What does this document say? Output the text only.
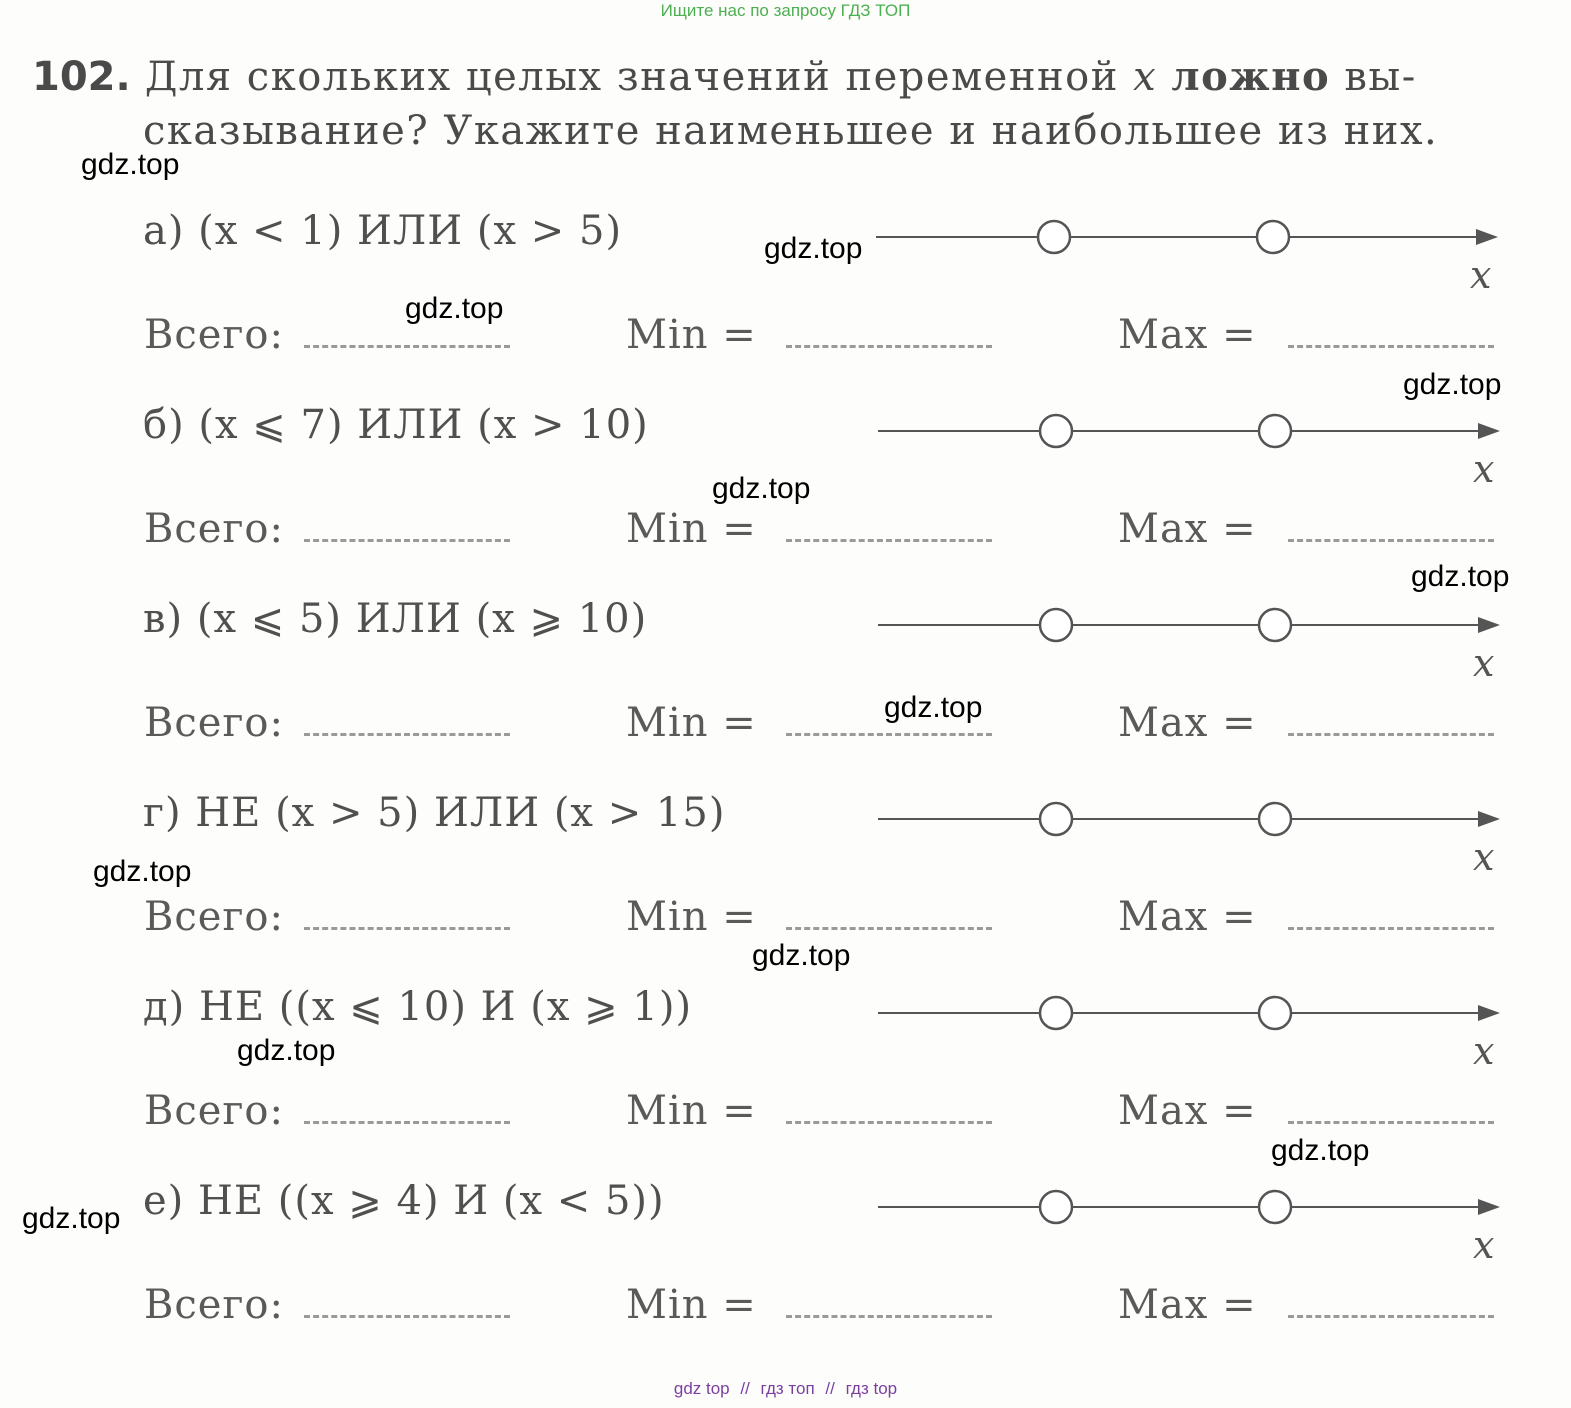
Ищите нас по запросу ГДЗ ТОП
102. Для скольких целых значений переменной x ложно вы-
сказывание? Укажите наименьшее и наибольшее из них.
а) (x < 1) ИЛИ (x > 5)
x
Всего:	Min =	Max =
б) (x ⩽ 7) ИЛИ (x > 10)
x
Всего:	Min =	Max =
в) (x ⩽ 5) ИЛИ (x ⩾ 10)
x
Всего:	Min =	Max =
г) НЕ (x > 5) ИЛИ (x > 15)
x
Всего:	Min =	Max =
д) НЕ ((x ⩽ 10) И (x ⩾ 1))
x
Всего:	Min =	Max =
е) НЕ ((x ⩾ 4) И (x < 5))
x
Всего:	Min =	Max =
gdz.top
gdz.top
gdz.top
gdz.top
gdz.top
gdz.top
gdz.top
gdz.top
gdz.top
gdz.top
gdz.top
gdz.top
gdz top // гдз топ // гдз top
